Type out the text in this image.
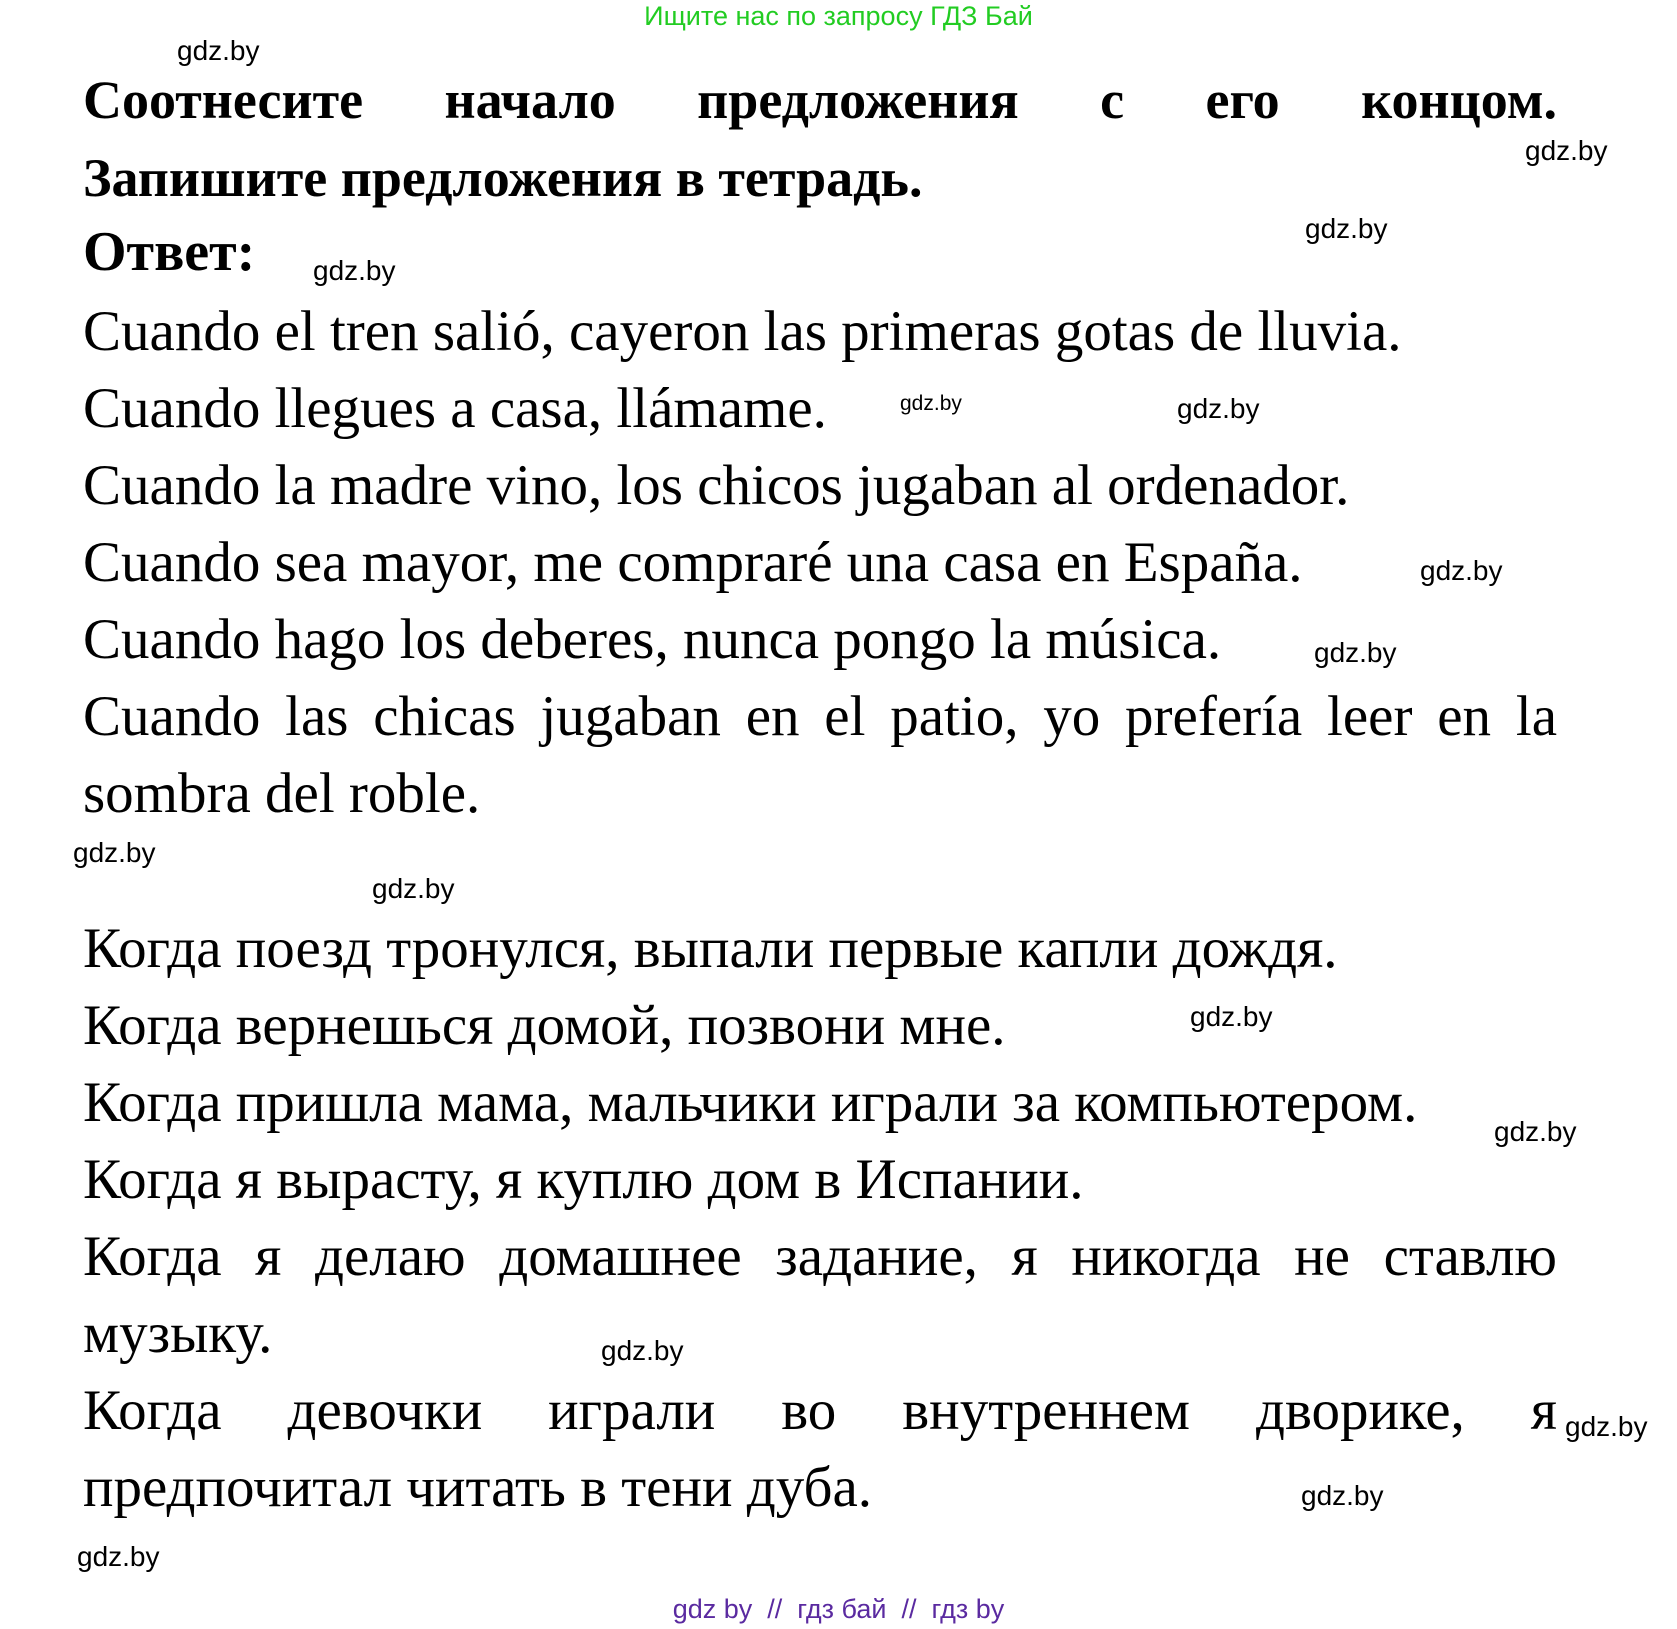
Ищите нас по запросу ГДЗ Бай
Соотнесите начало предложения с его концом.
Запишите предложения в тетрадь.
Ответ:
Cuando el tren salió, cayeron las primeras gotas de lluvia.
Cuando llegues a casa, llámame.
Cuando la madre vino, los chicos jugaban al ordenador.
Cuando sea mayor, me compraré una casa en España.
Cuando hago los deberes, nunca pongo la música.
Cuando las chicas jugaban en el patio, yo prefería leer en la
sombra del roble.
Когда поезд тронулся, выпали первые капли дождя.
Когда вернешься домой, позвони мне.
Когда пришла мама, мальчики играли за компьютером.
Когда я вырасту, я куплю дом в Испании.
Когда я делаю домашнее задание, я никогда не ставлю
музыку.
Когда девочки играли во внутреннем дворике, я
предпочитал читать в тени дуба.
gdz.by
gdz.by
gdz.by
gdz.by
gdz.by	gdz.by
gdz.by
gdz.by
gdz.by
gdz.by
gdz.by
gdz.by
gdz.by
gdz.by
gdz.by
gdz.by
gdz by  //  гдз бай  //  гдз by
